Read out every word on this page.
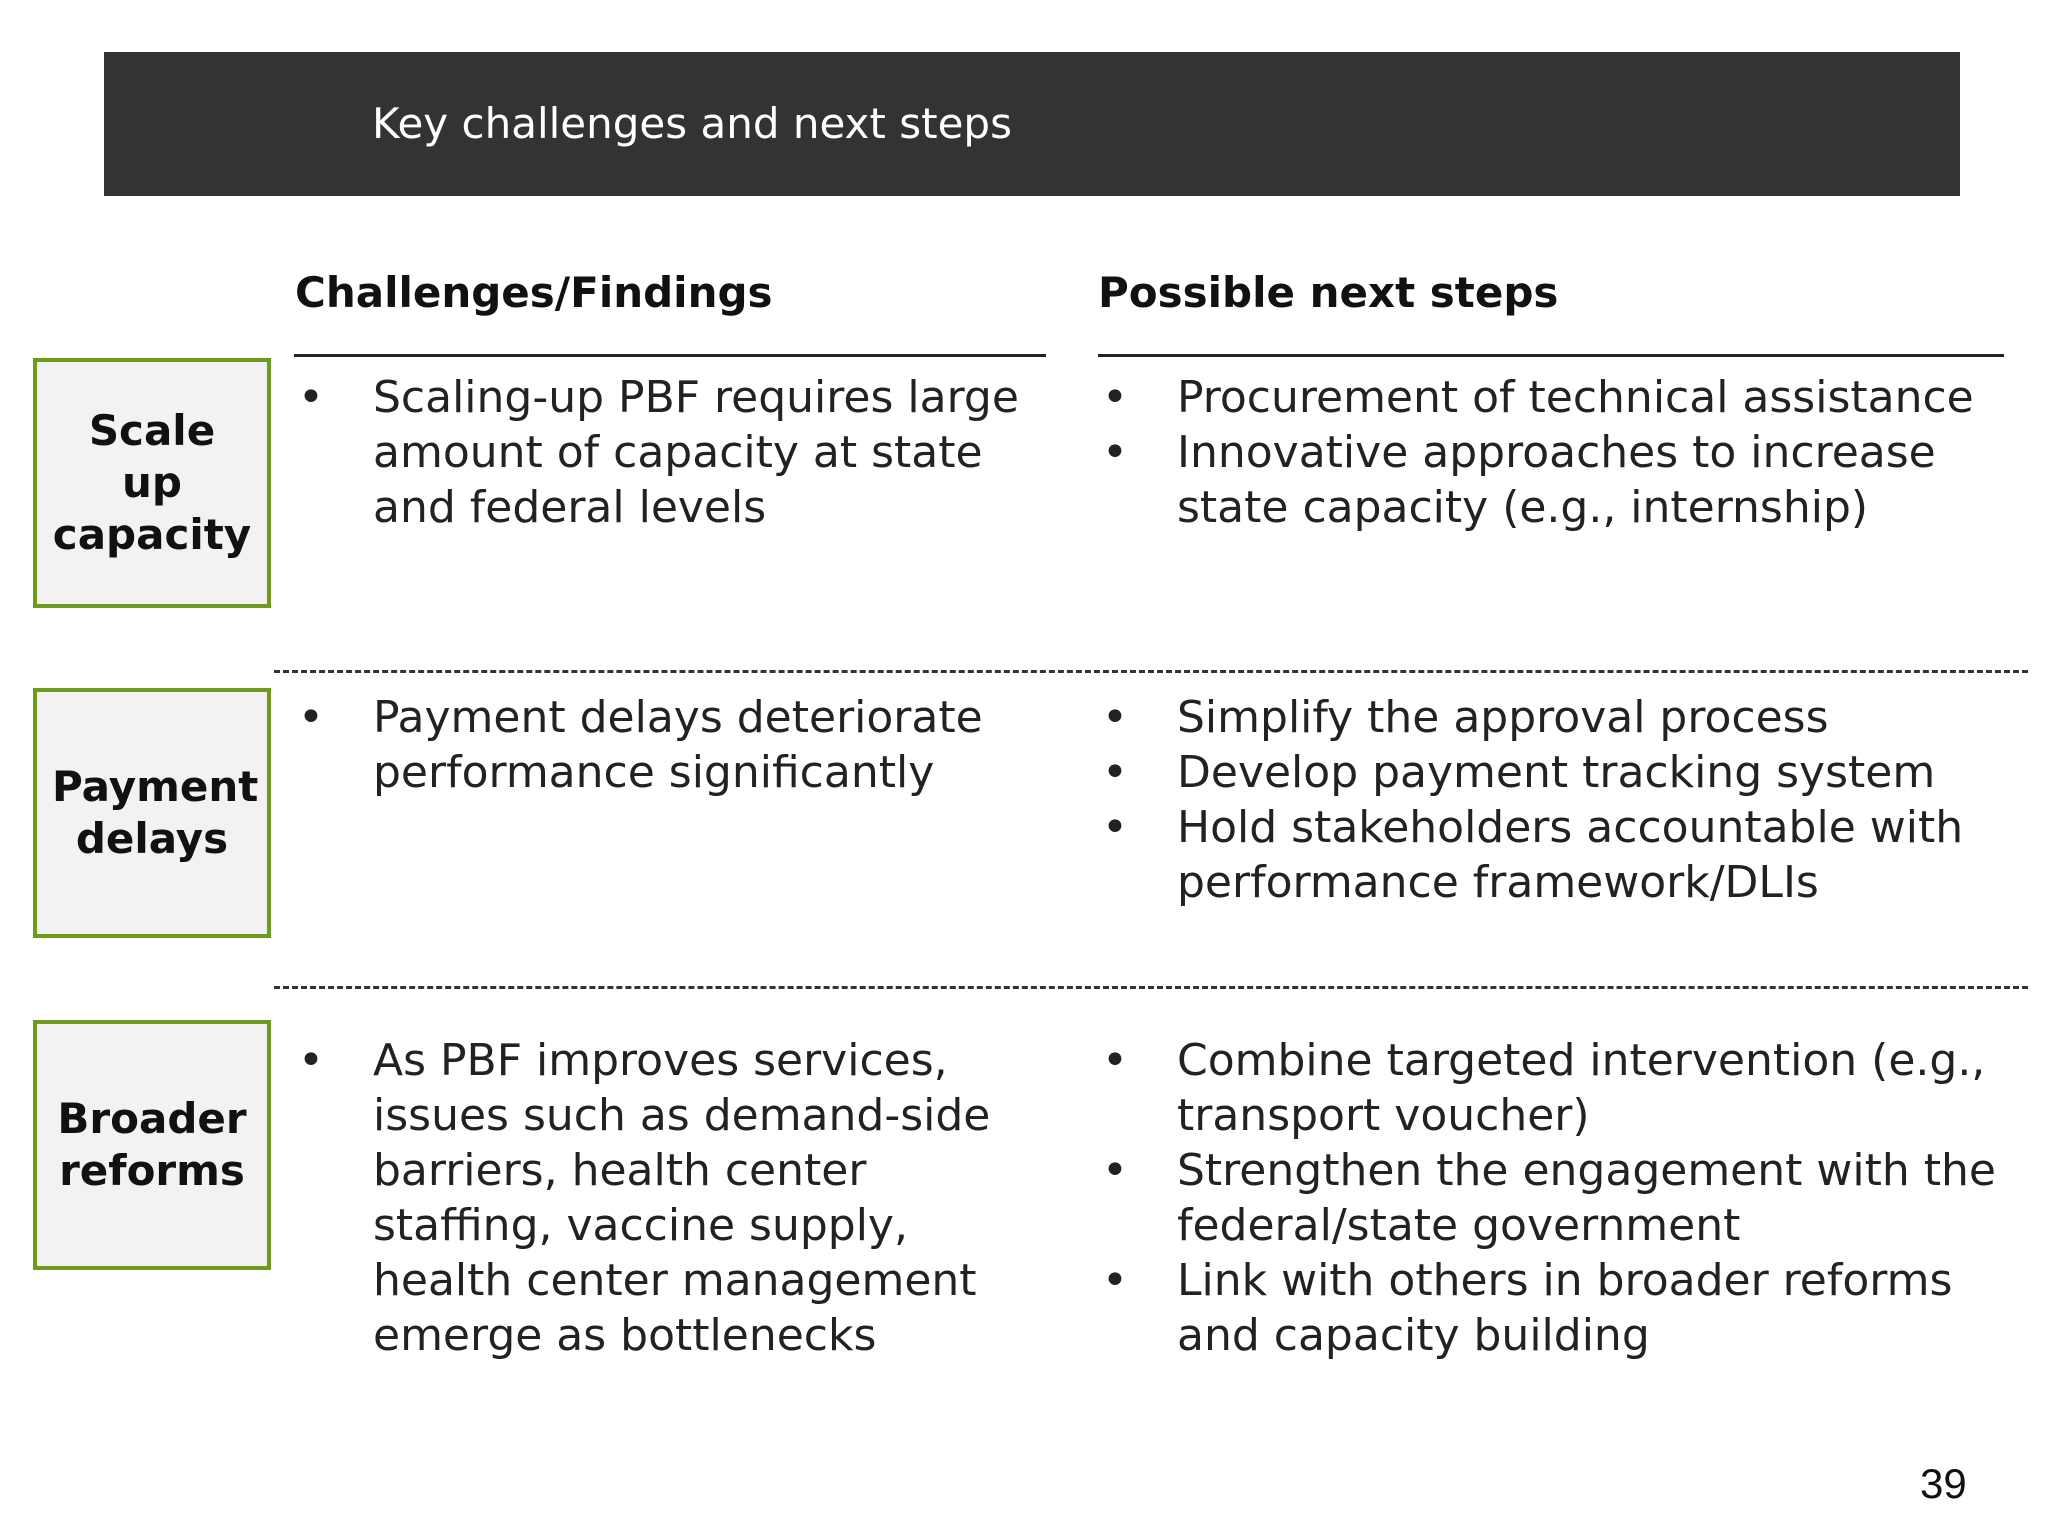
Key challenges and next steps
Challenges/Findings	Possible next steps
Scale up capacity
• Scaling-up PBF requires large amount of capacity at state and federal levels
• Procurement of technical assistance
• Innovative approaches to increase state capacity (e.g., internship)
Payment delays
• Payment delays deteriorate performance significantly
• Simplify the approval process
• Develop payment tracking system
• Hold stakeholders accountable with performance framework/DLIs
Broader reforms
• As PBF improves services, issues such as demand-side barriers, health center staffing, vaccine supply, health center management emerge as bottlenecks
• Combine targeted intervention (e.g., transport voucher)
• Strengthen the engagement with the federal/state government
• Link with others in broader reforms and capacity building
39
